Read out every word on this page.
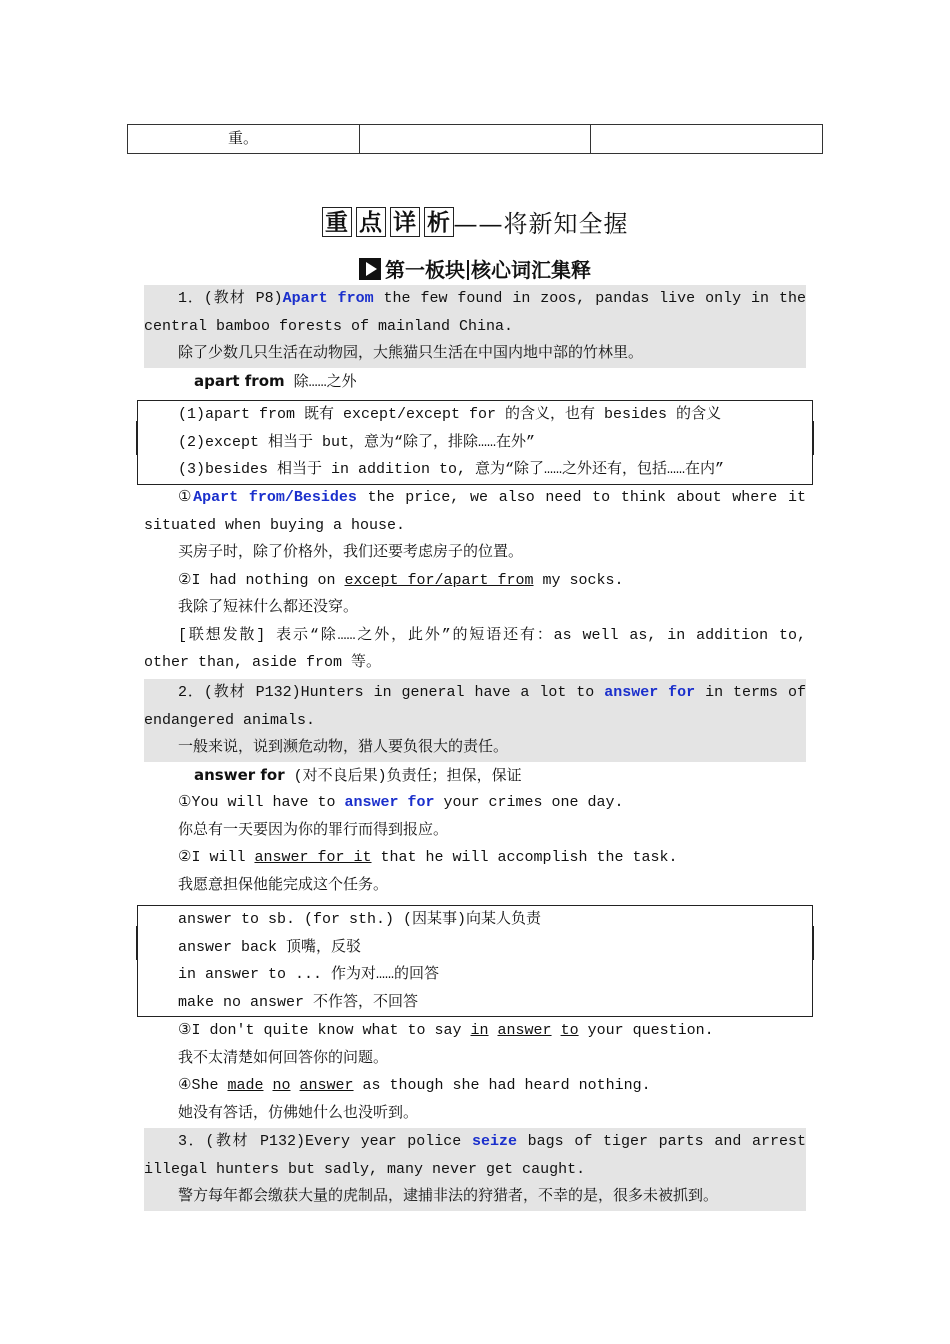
重。
重 点 详 析 ——将新知全握
第一板块 核心词汇集释
1．(教材 P8)Apart from the few found in zoos, pandas live only in the
central bamboo forests of mainland China.
除了少数几只生活在动物园，大熊猫只生活在中国内地中部的竹林里。
apart from 除……之外
(1)apart from 既有 except/except for 的含义，也有 besides 的含义
(2)except 相当于 but，意为“除了，排除……在外”
(3)besides 相当于 in addition to, 意为“除了……之外还有，包括……在内”
①Apart from/Besides the price, we also need to think about where it
situated when buying a house.
买房子时，除了价格外，我们还要考虑房子的位置。
②I had nothing on except for/apart from my socks.
我除了短袜什么都还没穿。
[联想发散] 表示“除……之外，此外”的短语还有：as well as, in addition to,
other than, aside from 等。
2．(教材 P132)Hunters in general have a lot to answer for in terms of
endangered animals.
一般来说，说到濒危动物，猎人要负很大的责任。
answer for (对不良后果)负责任；担保，保证
①You will have to answer for your crimes one day.
你总有一天要因为你的罪行而得到报应。
②I will answer for it that he will accomplish the task.
我愿意担保他能完成这个任务。
answer to sb. (for sth.) (因某事)向某人负责
answer back 顶嘴，反驳
in answer to ... 作为对……的回答
make no answer 不作答，不回答
③I don't quite know what to say in answer to your question.
我不太清楚如何回答你的问题。
④She made no answer as though she had heard nothing.
她没有答话，仿佛她什么也没听到。
3．(教材 P132)Every year police seize bags of tiger parts and arrest
illegal hunters but sadly, many never get caught.
警方每年都会缴获大量的虎制品，逮捕非法的狩猎者，不幸的是，很多未被抓到。
